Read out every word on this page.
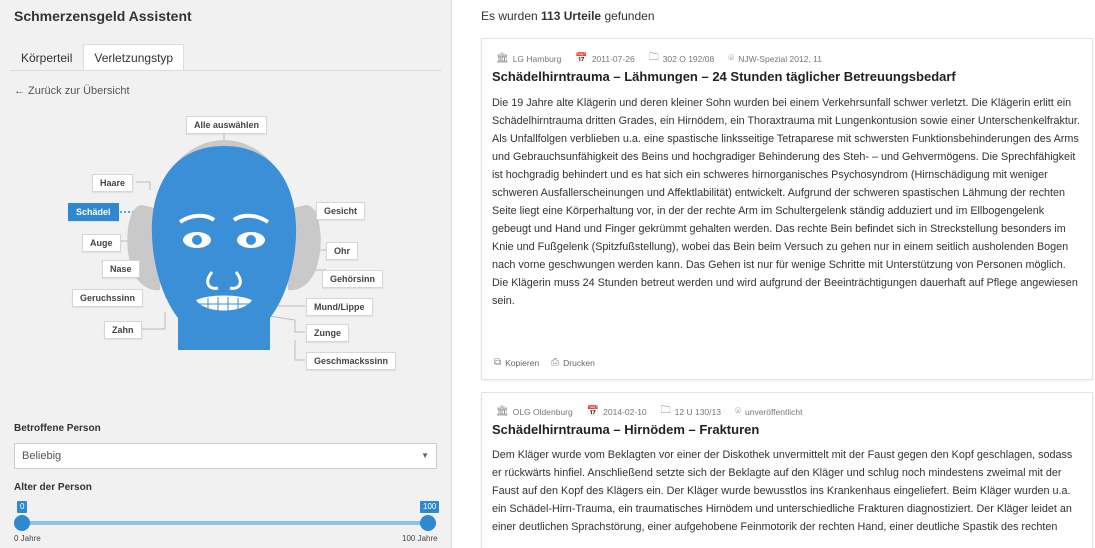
Schmerzensgeld Assistent
Körperteil	Verletzungstyp
← Zurück zur Übersicht
Alle auswählen
Haare
Schädel
Auge
Nase
Geruchssinn
Zahn
Gesicht
Ohr
Gehörsinn
Mund/Lippe
Zunge
Geschmackssinn
Betroffene Person
Beliebig	▼
Alter der Person
0	100
0 Jahre	100 Jahre
Es wurden 113 Urteile gefunden
🏛 LG Hamburg 📅 2011-07-26 🗀 302 O 192/08 ⌾ NJW-Spezial 2012, 11
Schädelhirntrauma – Lähmungen – 24 Stunden täglicher Betreuungsbedarf
Die 19 Jahre alte Klägerin und deren kleiner Sohn wurden bei einem Verkehrsunfall schwer verletzt. Die Klägerin erlitt ein Schädelhirntrauma dritten Grades, ein Hirnödem, ein Thoraxtrauma mit Lungenkontusion sowie einer Unterschenkelfraktur. Als Unfallfolgen verblieben u.a. eine spastische linksseitige Tetraparese mit schwersten Funktionsbehinderungen des Arms und Gebrauchsunfähigkeit des Beins und hochgradiger Behinderung des Steh- – und Gehvermögens. Die Sprechfähigkeit ist hochgradig behindert und es hat sich ein schweres hirnorganisches Psychosyndrom (Hirnschädigung mit weniger schweren Ausfallerscheinungen und Affektlabilität) entwickelt. Aufgrund der schweren spastischen Lähmung der rechten Seite liegt eine Körperhaltung vor, in der der rechte Arm im Schultergelenk ständig adduziert und im Ellbogengelenk gebeugt und Hand und Finger gekrümmt gehalten werden. Das rechte Bein befindet sich in Streckstellung besonders im Knie und Fußgelenk (Spitzfußstellung), wobei das Bein beim Versuch zu gehen nur in einem seitlich ausholenden Bogen nach vorne geschwungen werden kann. Das Gehen ist nur für wenige Schritte mit Unterstützung von Personen möglich. Die Klägerin muss 24 Stunden betreut werden und wird aufgrund der Beeinträchtigungen dauerhaft auf Pflege angewiesen sein.
⧉ Kopieren ⎙ Drucken
🏛 OLG Oldenburg 📅 2014-02-10 🗀 12 U 130/13 ⌾ unveröffentlicht
Schädelhirntrauma – Hirnödem – Frakturen
Dem Kläger wurde vom Beklagten vor einer der Diskothek unvermittelt mit der Faust gegen den Kopf geschlagen, sodass er rückwärts hinfiel. Anschließend setzte sich der Beklagte auf den Kläger und schlug noch mindestens zweimal mit der Faust auf den Kopf des Klägers ein. Der Kläger wurde bewusstlos ins Krankenhaus eingeliefert. Beim Kläger wurden u.a. ein Schädel-Hirn-Trauma, ein traumatisches Hirnödem und unterschiedliche Frakturen diagnostiziert. Der Kläger leidet an einer deutlichen Sprachstörung, einer aufgehobene Feinmotorik der rechten Hand, einer deutliche Spastik des rechten
